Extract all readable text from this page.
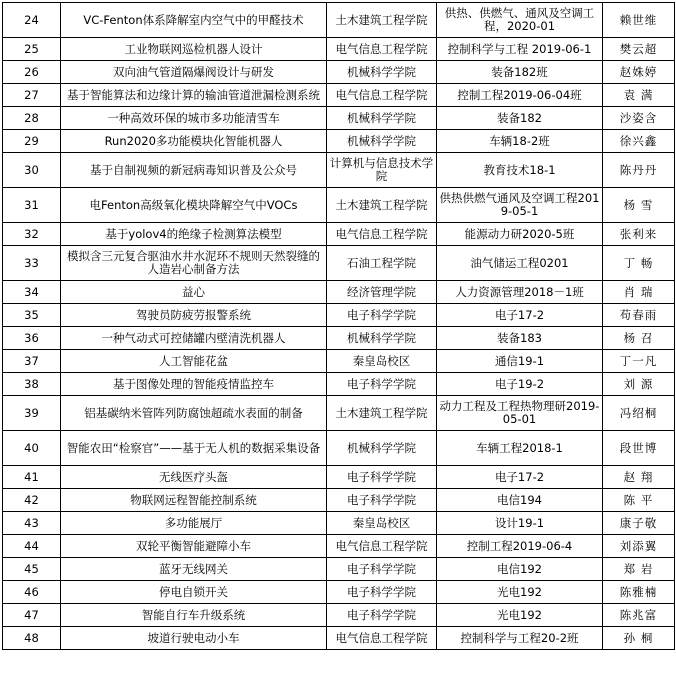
24	VC-Fenton体系降解室内空气中的甲醛技术	土木建筑工程学院	供热、供燃气、通风及空调工程，2020-01	赖世维
25	工业物联网巡检机器人设计	电气信息工程学院	控制科学与工程 2019-06-1	樊云超
26	双向油气管道隔爆阀设计与研发	机械科学学院	装备182班	赵姝婷
27	基于智能算法和边缘计算的输油管道泄漏检测系统	电气信息工程学院	控制工程2019-06-04班	袁 满
28	一种高效环保的城市多功能清雪车	机械科学学院	装备182	沙姿含
29	Run2020多功能模块化智能机器人	机械科学学院	车辆18-2班	徐兴鑫
30	基于自制视频的新冠病毒知识普及公众号	计算机与信息技术学院	教育技术18-1	陈丹丹
31	电Fenton高级氧化模块降解空气中VOCs	土木建筑工程学院	供热供燃气通风及空调工程2019-05-1	杨 雪
32	基于yolov4的绝缘子检测算法模型	电气信息工程学院	能源动力研2020-5班	张利来
33	模拟含三元复合驱油水井水泥环不规则天然裂缝的人造岩心制备方法	石油工程学院	油气储运工程0201	丁 畅
34	益心	经济管理学院	人力资源管理2018－1班	肖 瑞
35	驾驶员防疲劳报警系统	电子科学学院	电子17-2	苟春雨
36	一种气动式可控储罐内壁清洗机器人	机械科学学院	装备183	杨 召
37	人工智能花盆	秦皇岛校区	通信19-1	丁一凡
38	基于图像处理的智能疫情监控车	电子科学学院	电子19-2	刘 源
39	铝基碳纳米管阵列防腐蚀超疏水表面的制备	土木建筑工程学院	动力工程及工程热物理研2019-05-01	冯绍桐
40	智能农田“检察官”——基于无人机的数据采集设备	机械科学学院	车辆工程2018-1	段世博
41	无线医疗头盔	电子科学学院	电子17-2	赵 翔
42	物联网远程智能控制系统	电子科学学院	电信194	陈 平
43	多功能展厅	秦皇岛校区	设计19-1	康子敬
44	双轮平衡智能避障小车	电气信息工程学院	控制工程2019-06-4	刘添翼
45	蓝牙无线网关	电子科学学院	电信192	郑 岩
46	停电自锁开关	电子科学学院	光电192	陈雅楠
47	智能自行车升级系统	电子科学学院	光电192	陈兆富
48	坡道行驶电动小车	电气信息工程学院	控制科学与工程20-2班	孙 桐
